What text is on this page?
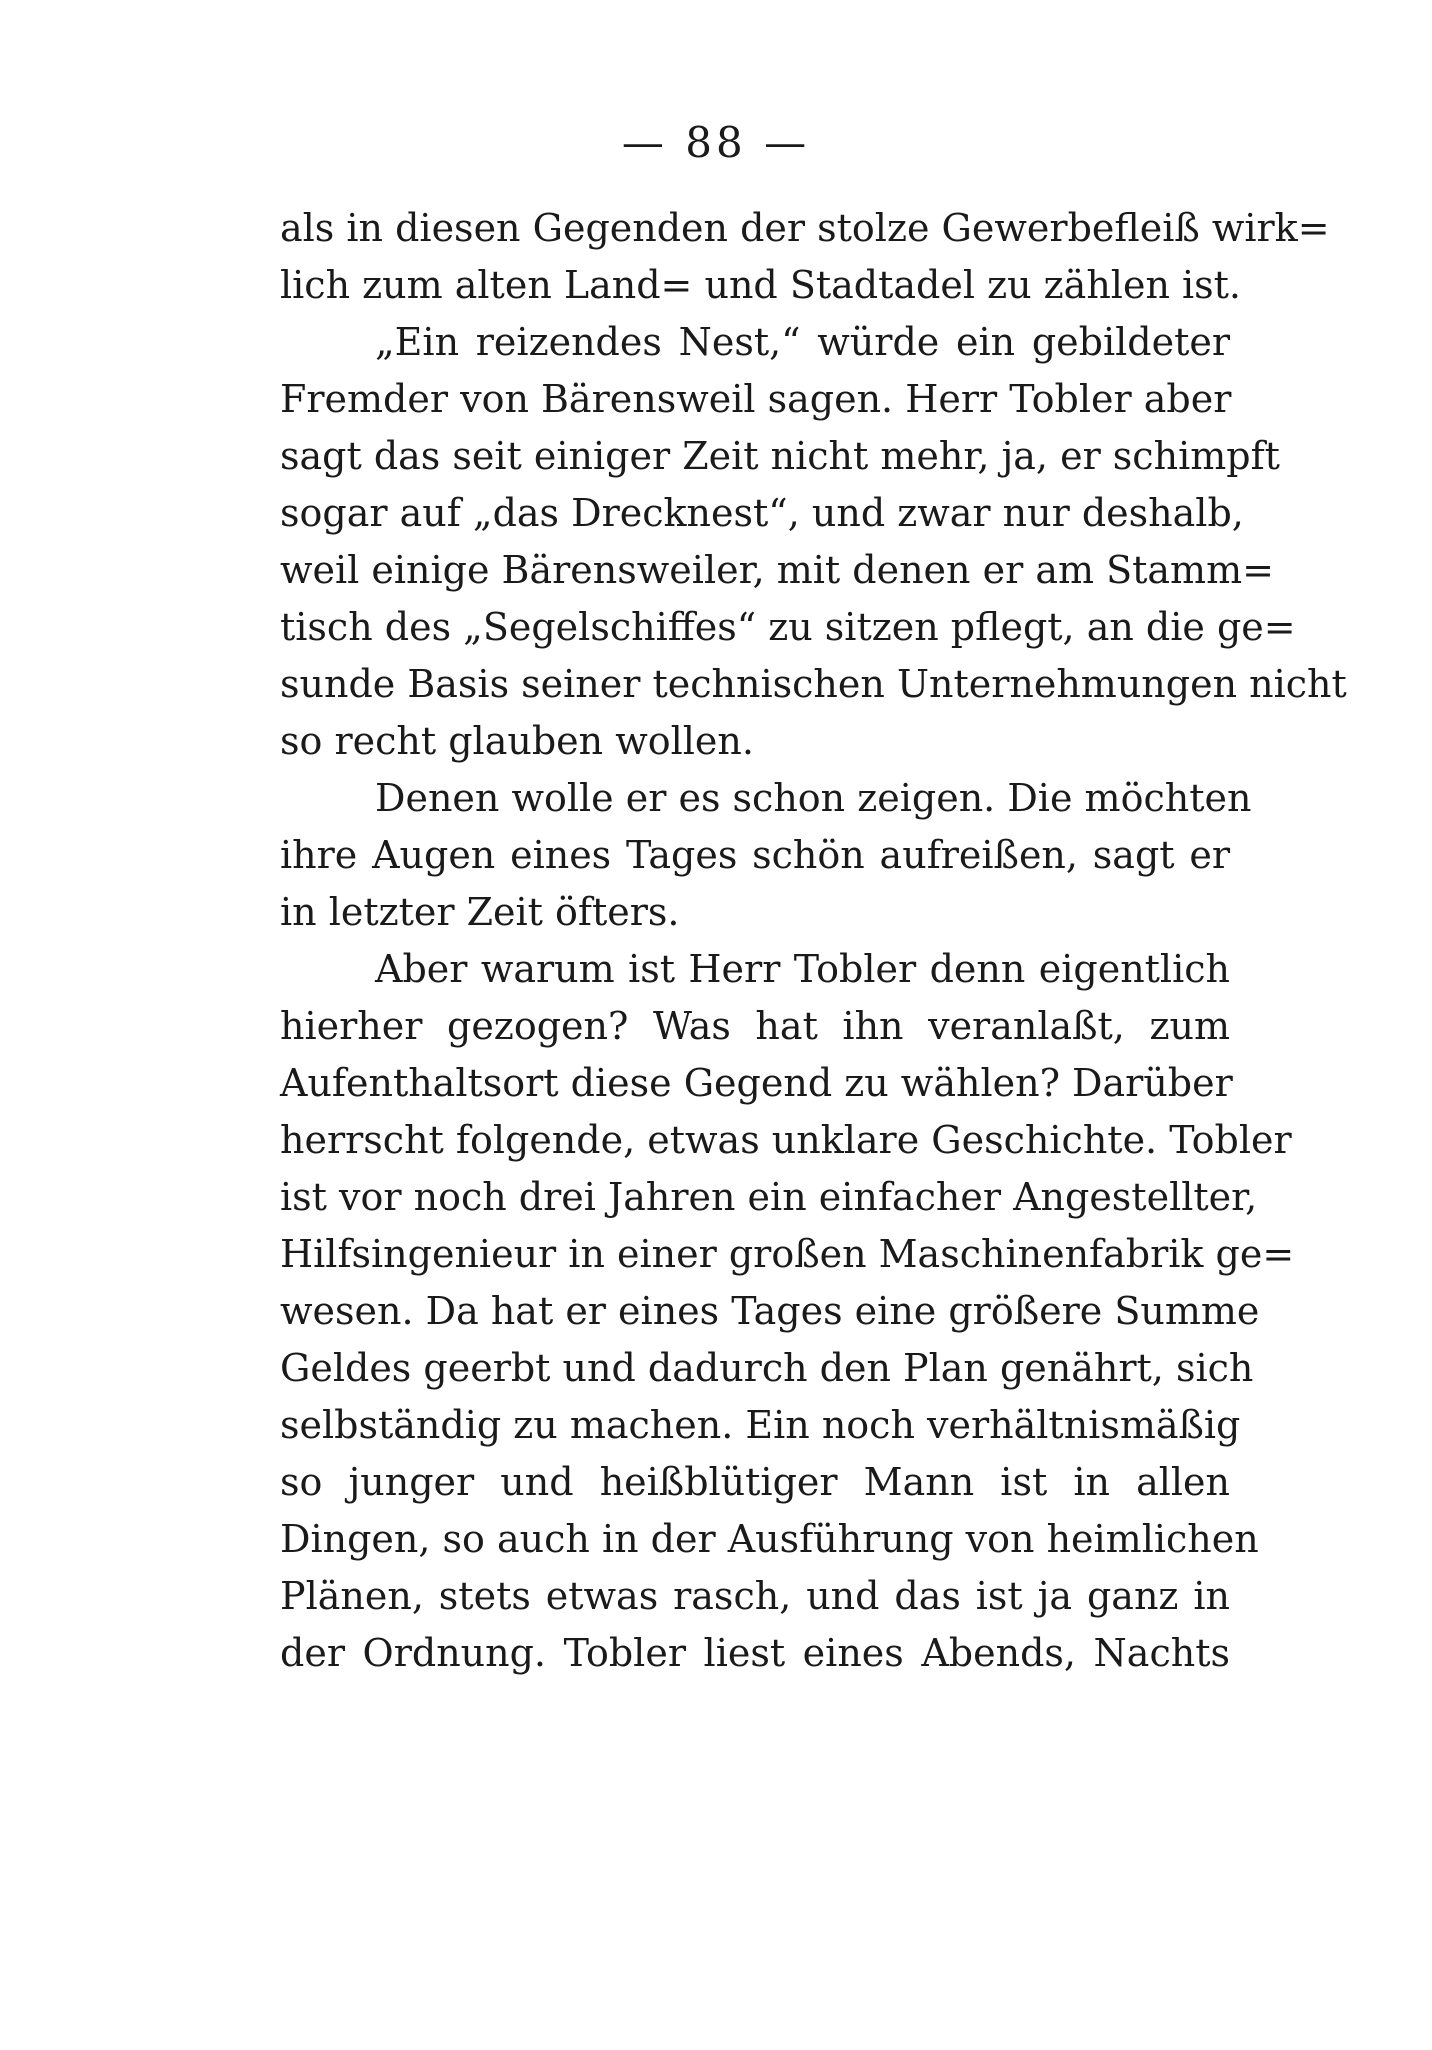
— 88 —
als in diesen Gegenden der stolze Gewerbefleiß wirk=
lich zum alten Land= und Stadtadel zu zählen ist.
„Ein reizendes Nest,“ würde ein gebildeter
Fremder von Bärensweil sagen. Herr Tobler aber
sagt das seit einiger Zeit nicht mehr, ja, er schimpft
sogar auf „das Drecknest“, und zwar nur deshalb,
weil einige Bärensweiler, mit denen er am Stamm=
tisch des „Segelschiffes“ zu sitzen pflegt, an die ge=
sunde Basis seiner technischen Unternehmungen nicht
so recht glauben wollen.
Denen wolle er es schon zeigen. Die möchten
ihre Augen eines Tages schön aufreißen, sagt er
in letzter Zeit öfters.
Aber warum ist Herr Tobler denn eigentlich
hierher gezogen? Was hat ihn veranlaßt, zum
Aufenthaltsort diese Gegend zu wählen? Darüber
herrscht folgende, etwas unklare Geschichte. Tobler
ist vor noch drei Jahren ein einfacher Angestellter,
Hilfsingenieur in einer großen Maschinenfabrik ge=
wesen. Da hat er eines Tages eine größere Summe
Geldes geerbt und dadurch den Plan genährt, sich
selbständig zu machen. Ein noch verhältnismäßig
so junger und heißblütiger Mann ist in allen
Dingen, so auch in der Ausführung von heimlichen
Plänen, stets etwas rasch, und das ist ja ganz in
der Ordnung. Tobler liest eines Abends, Nachts
